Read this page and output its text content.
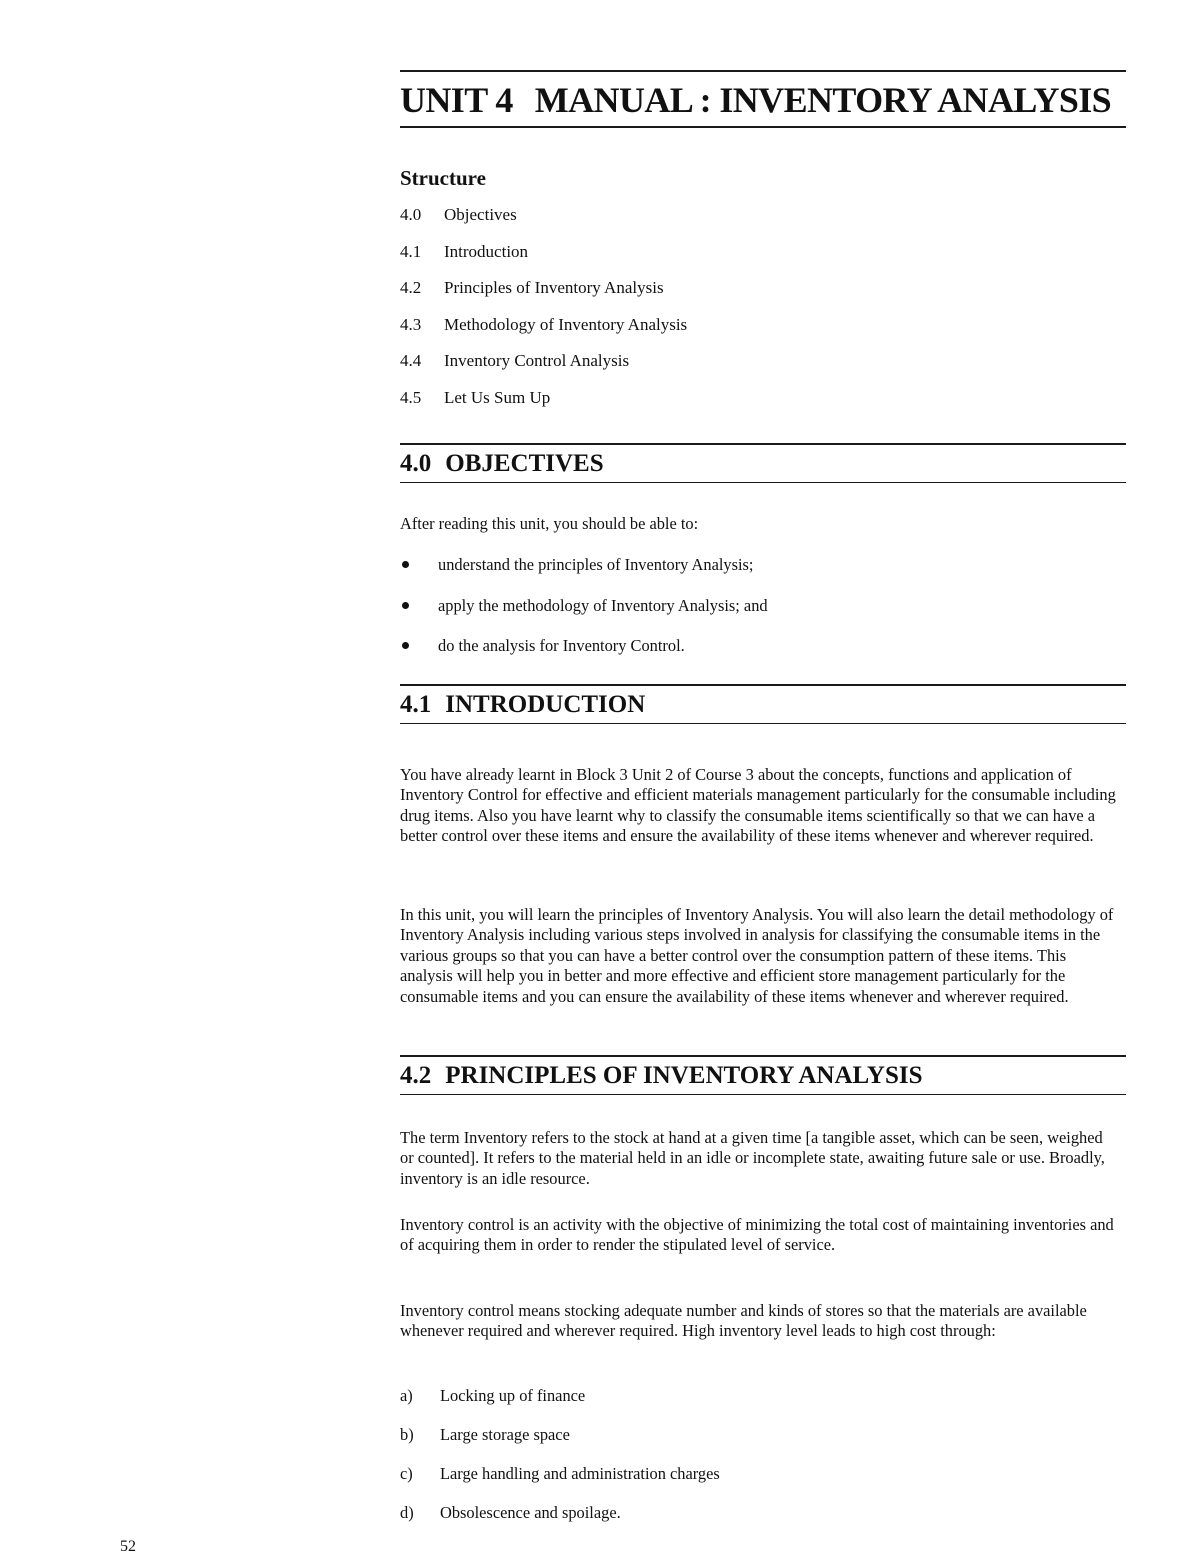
UNIT 4 MANUAL : INVENTORY ANALYSIS
Structure
4.0	Objectives
4.1	Introduction
4.2	Principles of Inventory Analysis
4.3	Methodology of Inventory Analysis
4.4	Inventory Control Analysis
4.5	Let Us Sum Up
4.0 OBJECTIVES

After reading this unit, you should be able to:

understand the principles of Inventory Analysis;
apply the methodology of Inventory Analysis; and
do the analysis for Inventory Control.
4.1 INTRODUCTION

You have already learnt in Block 3 Unit 2 of Course 3 about the concepts, functions and application of Inventory Control for effective and efficient materials management particularly for the consumable including drug items. Also you have learnt why to classify the consumable items scientifically so that we can have a better control over these items and ensure the availability of these items whenever and wherever required.

In this unit, you will learn the principles of Inventory Analysis. You will also learn the detail methodology of Inventory Analysis including various steps involved in analysis for classifying the consumable items in the various groups so that you can have a better control over the consumption pattern of these items. This analysis will help you in better and more effective and efficient store management particularly for the consumable items and you can ensure the availability of these items whenever and wherever required.

4.2 PRINCIPLES OF INVENTORY ANALYSIS

The term Inventory refers to the stock at hand at a given time [a tangible asset, which can be seen, weighed or counted]. It refers to the material held in an idle or incomplete state, awaiting future sale or use. Broadly, inventory is an idle resource.

Inventory control is an activity with the objective of minimizing the total cost of maintaining inventories and of acquiring them in order to render the stipulated level of service.

Inventory control means stocking adequate number and kinds of stores so that the materials are available whenever required and wherever required. High inventory level leads to high cost through:

a)	Locking up of finance
b)	Large storage space
c)	Large handling and administration charges
d)	Obsolescence and spoilage.
52
